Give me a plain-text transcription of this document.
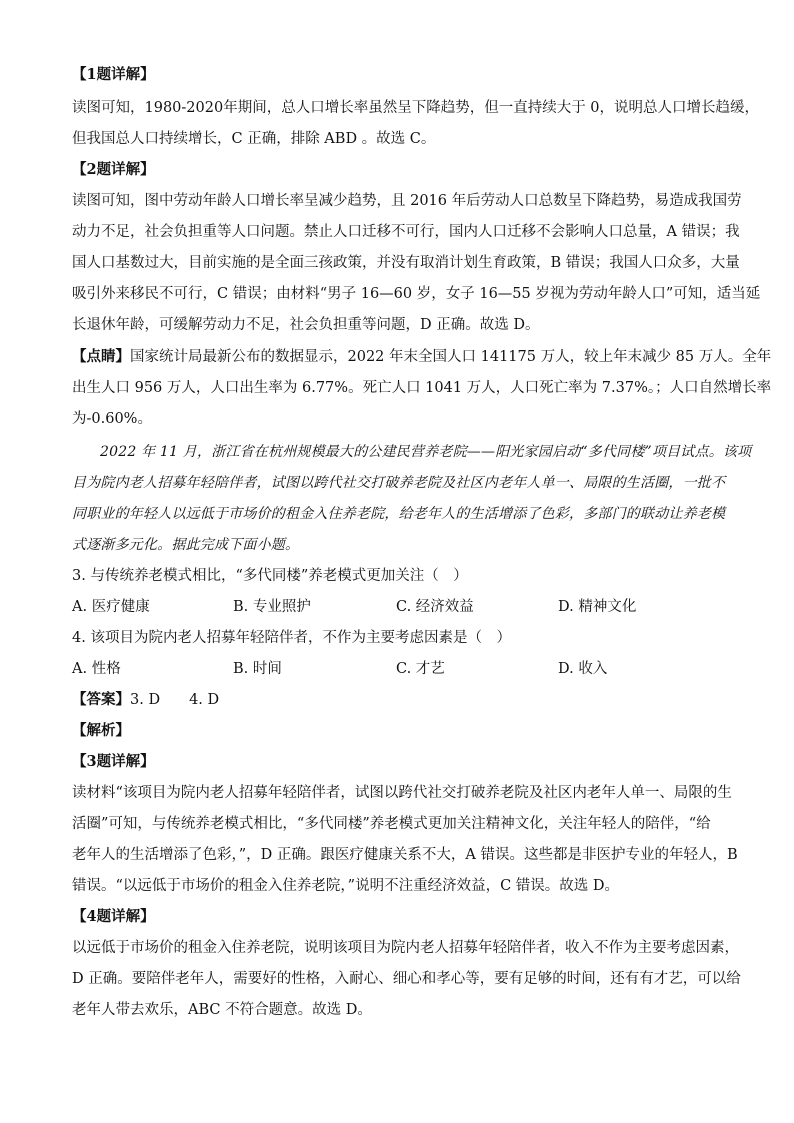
【1题详解】
读图可知，1980-2020年期间，总人口增长率虽然呈下降趋势，但一直持续大于 0，说明总人口增长趋缓，
但我国总人口持续增长，C 正确，排除 ABD 。故选 C。
【2题详解】
读图可知，图中劳动年龄人口增长率呈减少趋势，且 2016 年后劳动人口总数呈下降趋势，易造成我国劳
动力不足，社会负担重等人口问题。禁止人口迁移不可行，国内人口迁移不会影响人口总量，A 错误；我
国人口基数过大，目前实施的是全面三孩政策，并没有取消计划生育政策，B 错误；我国人口众多，大量
吸引外来移民不可行，C 错误；由材料“男子 16—60 岁，女子 16—55 岁视为劳动年龄人口”可知，适当延
长退休年龄，可缓解劳动力不足，社会负担重等问题，D 正确。故选 D。
【点睛】国家统计局最新公布的数据显示，2022 年末全国人口 141175 万人，较上年末减少 85 万人。全年
出生人口 956 万人，人口出生率为 6.77%。死亡人口 1041 万人，人口死亡率为 7.37%。；人口自然增长率
为-0.60%。
2022 年 11 月，浙江省在杭州规模最大的公建民营养老院——阳光家园启动“多代同楼”项目试点。该项
目为院内老人招募年轻陪伴者，试图以跨代社交打破养老院及社区内老年人单一、局限的生活圈，一批不
同职业的年轻人以远低于市场价的租金入住养老院，给老年人的生活增添了色彩，多部门的联动让养老模
式逐渐多元化。据此完成下面小题。
3. 与传统养老模式相比，“多代同楼”养老模式更加关注（　）
A. 医疗健康	B. 专业照护	C. 经济效益	D. 精神文化
4. 该项目为院内老人招募年轻陪伴者，不作为主要考虑因素是（　）
A. 性格	B. 时间	C. 才艺	D. 收入
【答案】3. D　　4. D
【解析】
【3题详解】
读材料“该项目为院内老人招募年轻陪伴者，试图以跨代社交打破养老院及社区内老年人单一、局限的生
活圈”可知，与传统养老模式相比，“多代同楼”养老模式更加关注精神文化，关注年轻人的陪伴，“给
老年人的生活增添了色彩，”，D 正确。跟医疗健康关系不大，A 错误。这些都是非医护专业的年轻人，B
错误。“以远低于市场价的租金入住养老院，”说明不注重经济效益，C 错误。故选 D。
【4题详解】
以远低于市场价的租金入住养老院，说明该项目为院内老人招募年轻陪伴者，收入不作为主要考虑因素，
D 正确。要陪伴老年人，需要好的性格，入耐心、细心和孝心等，要有足够的时间，还有有才艺，可以给
老年人带去欢乐，ABC 不符合题意。故选 D。
